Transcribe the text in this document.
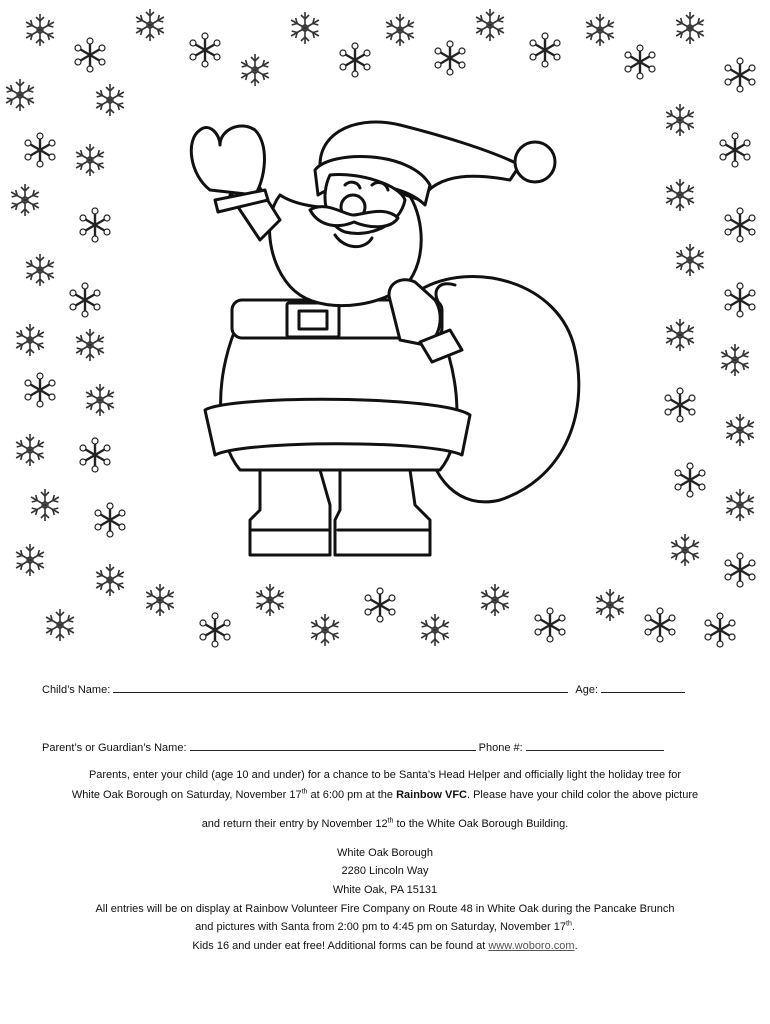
Child’s Name:	Age:
Parent’s or Guardian’s Name:	Phone #:
Parents, enter your child (age 10 and under) for a chance to be Santa’s Head Helper and officially light the holiday tree for
White Oak Borough on Saturday, November 17th at 6:00 pm at the Rainbow VFC. Please have your child color the above picture
and return their entry by November 12th to the White Oak Borough Building.
White Oak Borough
2280 Lincoln Way
White Oak, PA 15131
All entries will be on display at Rainbow Volunteer Fire Company on Route 48 in White Oak during the Pancake Brunch
and pictures with Santa from 2:00 pm to 4:45 pm on Saturday, November 17th.
Kids 16 and under eat free! Additional forms can be found at www.woboro.com.
